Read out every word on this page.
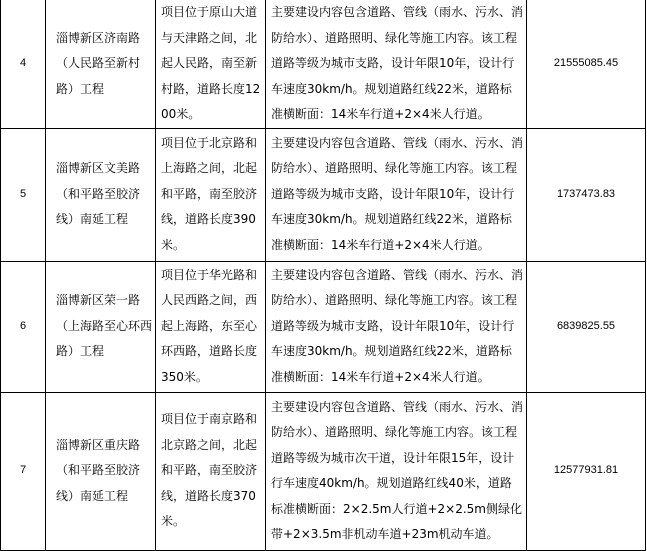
4	淄博新区济南路（人民路至新村路）工程	项目位于原山大道与天津路之间，北起人民路，南至新村路，道路长度1200米。	主要建设内容包含道路、管线（雨水、污水、消防给水）、道路照明、绿化等施工内容。该工程道路等级为城市支路，设计年限10年，设计行车速度30km/h。规划道路红线22米，道路标准横断面：14米车行道+2×4米人行道。	21555085.45
5	淄博新区文美路（和平路至胶济线）南延工程	项目位于北京路和上海路之间，北起和平路，南至胶济线，道路长度390米。	主要建设内容包含道路、管线（雨水、污水、消防给水）、道路照明、绿化等施工内容。该工程道路等级为城市支路，设计年限10年，设计行车速度30km/h。规划道路红线22米，道路标准横断面：14米车行道+2×4米人行道。	1737473.83
6	淄博新区荣一路（上海路至心环西路）工程	项目位于华光路和人民西路之间，西起上海路，东至心环西路，道路长度350米。	主要建设内容包含道路、管线（雨水、污水、消防给水）、道路照明、绿化等施工内容。该工程道路等级为城市支路，设计年限10年，设计行车速度30km/h。规划道路红线22米，道路标准横断面：14米车行道+2×4米人行道。	6839825.55
7	淄博新区重庆路（和平路至胶济线）南延工程	项目位于南京路和北京路之间，北起和平路，南至胶济线，道路长度370米。	主要建设内容包含道路、管线（雨水、污水、消防给水）、道路照明、绿化等施工内容。该工程道路等级为城市次干道，设计年限15年，设计行车速度40km/h。规划道路红线40米，道路标准横断面：2×2.5m人行道+2×2.5m侧绿化带+2×3.5m非机动车道+23m机动车道。	12577931.81
